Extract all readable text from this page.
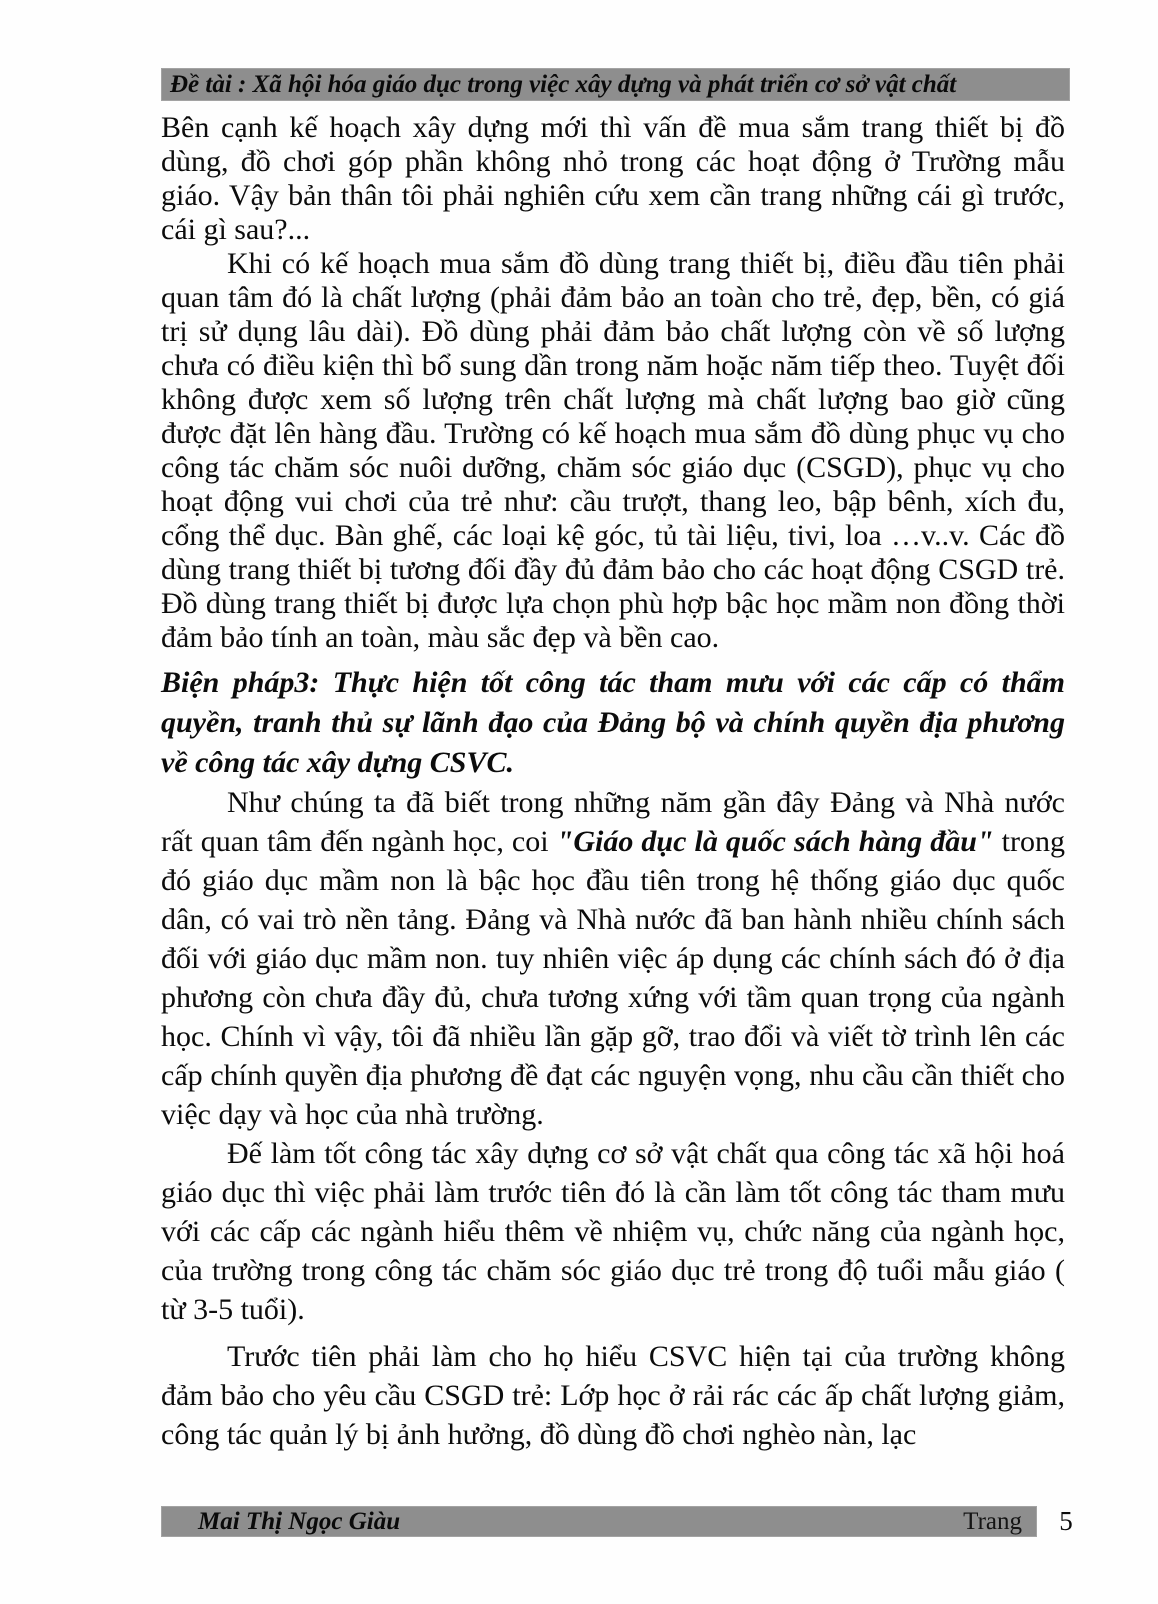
Đề tài : Xã hội hóa giáo dục trong việc xây dựng và phát triển cơ sở vật chất

Bên cạnh kế hoạch xây dựng mới thì vấn đề mua sắm trang thiết bị đồ dùng, đồ chơi góp phần không nhỏ trong các hoạt động ở Trường mẫu giáo. Vậy bản thân tôi phải nghiên cứu xem cần trang những cái gì trước, cái gì sau?...

Khi có kế hoạch mua sắm đồ dùng trang thiết bị, điều đầu tiên phải quan tâm đó là chất lượng (phải đảm bảo an toàn cho trẻ, đẹp, bền, có giá trị sử dụng lâu dài). Đồ dùng phải đảm bảo chất lượng còn về số lượng chưa có điều kiện thì bổ sung dần trong năm hoặc năm tiếp theo. Tuyệt đối không được xem số lượng trên chất lượng mà chất lượng bao giờ cũng được đặt lên hàng đầu. Trường có kế hoạch mua sắm đồ dùng phục vụ cho công tác chăm sóc nuôi dưỡng, chăm sóc giáo dục (CSGD), phục vụ cho hoạt động vui chơi của trẻ như: cầu trượt, thang leo, bập bênh, xích đu, cổng thể dục. Bàn ghế, các loại kệ góc, tủ tài liệu, tivi, loa …v..v. Các đồ dùng trang thiết bị tương đối đầy đủ đảm bảo cho các hoạt động CSGD trẻ. Đồ dùng trang thiết bị được lựa chọn phù hợp bậc học mầm non đồng thời đảm bảo tính an toàn, màu sắc đẹp và bền cao.

Biện pháp3: Thực hiện tốt công tác tham mưu với các cấp có thẩm quyền, tranh thủ sự lãnh đạo của Đảng bộ và chính quyền địa phương về công tác xây dựng CSVC.

Như chúng ta đã biết trong những năm gần đây Đảng và Nhà nước rất quan tâm đến ngành học, coi "Giáo dục là quốc sách hàng đầu" trong đó giáo dục mầm non là bậc học đầu tiên trong hệ thống giáo dục quốc dân, có vai trò nền tảng. Đảng và Nhà nước đã ban hành nhiều chính sách đối với giáo dục mầm non. tuy nhiên việc áp dụng các chính sách đó ở địa phương còn chưa đầy đủ, chưa tương xứng với tầm quan trọng của ngành học. Chính vì vậy, tôi đã nhiều lần gặp gỡ, trao đổi và viết tờ trình lên các cấp chính quyền địa phương đề đạt các nguyện vọng, nhu cầu cần thiết cho việc dạy và học của nhà trường.

Đế làm tốt công tác xây dựng cơ sở vật chất qua công tác xã hội hoá giáo dục thì việc phải làm trước tiên đó là cần làm tốt công tác tham mưu với các cấp các ngành hiểu thêm về nhiệm vụ, chức năng của ngành học, của trường trong công tác chăm sóc giáo dục trẻ trong độ tuổi mẫu giáo ( từ 3-5 tuổi).

Trước tiên phải làm cho họ hiểu CSVC hiện tại của trường không đảm bảo cho yêu cầu CSGD trẻ: Lớp học ở rải rác các ấp chất lượng giảm, công tác quản lý bị ảnh hưởng, đồ dùng đồ chơi nghèo nàn, lạc

Mai Thị Ngọc Giàu	Trang	5
